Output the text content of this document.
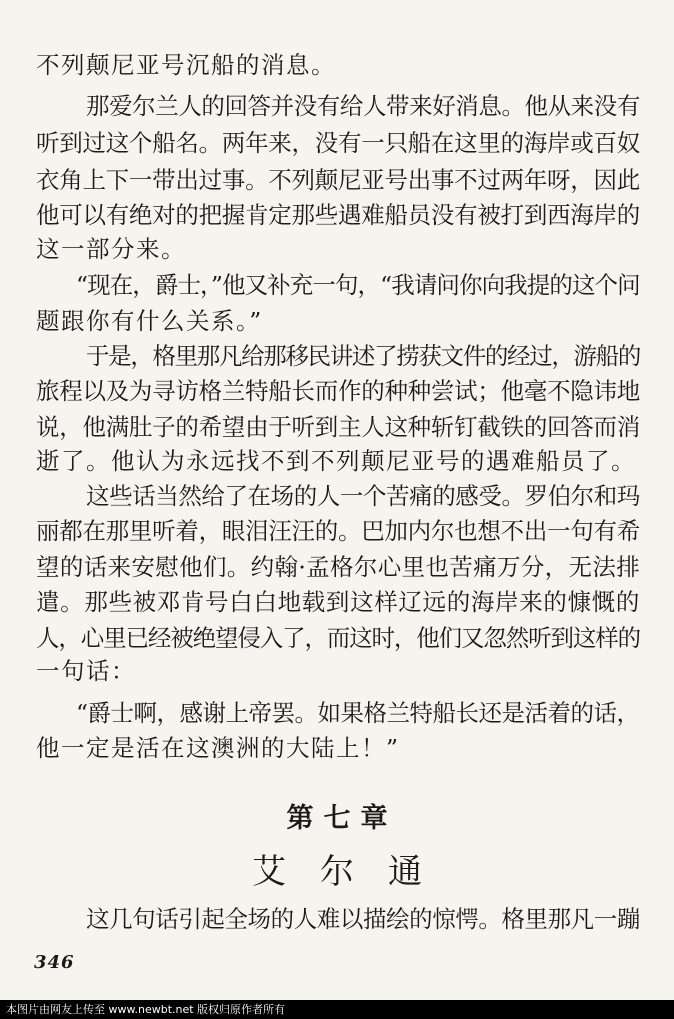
不列颠尼亚号沉船的消息。
那爱尔兰人的回答并没有给人带来好消息。他从来没有
听到过这个船名。两年来，没有一只船在这里的海岸或百奴
衣角上下一带出过事。不列颠尼亚号出事不过两年呀，因此
他可以有绝对的把握肯定那些遇难船员没有被打到西海岸的
这一部分来。
“现在，爵士，”他又补充一句，“我请问你向我提的这个问
题跟你有什么关系。”
于是，格里那凡给那移民讲述了捞获文件的经过，游船的
旅程以及为寻访格兰特船长而作的种种尝试；他毫不隐讳地
说，他满肚子的希望由于听到主人这种斩钉截铁的回答而消
逝了。他认为永远找不到不列颠尼亚号的遇难船员了。
这些话当然给了在场的人一个苦痛的感受。罗伯尔和玛
丽都在那里听着，眼泪汪汪的。巴加内尔也想不出一句有希
望的话来安慰他们。约翰·孟格尔心里也苦痛万分，无法排
遣。那些被邓肯号白白地载到这样辽远的海岸来的慷慨的
人，心里已经被绝望侵入了，而这时，他们又忽然听到这样的
一句话：
“爵士啊，感谢上帝罢。如果格兰特船长还是活着的话，
他一定是活在这澳洲的大陆上！”
第七章
艾尔通
这几句话引起全场的人难以描绘的惊愕。格里那凡一蹦
346
本图片由网友上传至 www.newbt.net 版权归原作者所有
